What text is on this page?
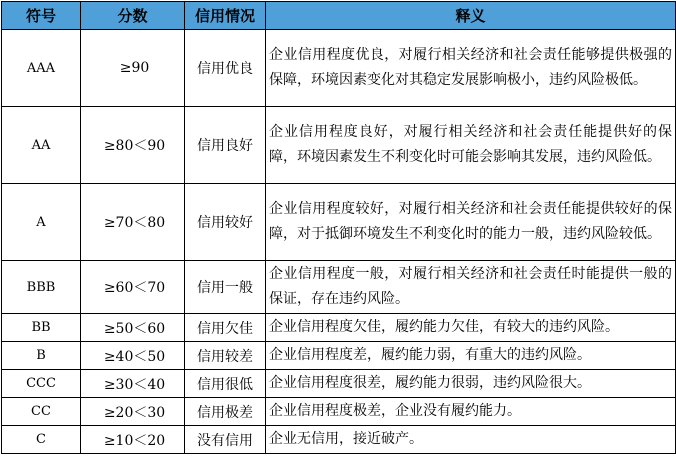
符号	分数	信用情况	释义
AAA	≥90	信用优良	企业信用程度优良，对履行相关经济和社会责任能够提供极强的保障，环境因素变化对其稳定发展影响极小，违约风险极低。
AA	≥80＜90	信用良好	企业信用程度良好，对履行相关经济和社会责任能提供好的保障，环境因素发生不利变化时可能会影响其发展，违约风险低。
A	≥70＜80	信用较好	企业信用程度较好，对履行相关经济和社会责任能提供较好的保障，对于抵御环境发生不利变化时的能力一般，违约风险较低。
BBB	≥60＜70	信用一般	企业信用程度一般，对履行相关经济和社会责任时能提供一般的保证，存在违约风险。
BB	≥50＜60	信用欠佳	企业信用程度欠佳，履约能力欠佳，有较大的违约风险。
B	≥40＜50	信用较差	企业信用程度差，履约能力弱，有重大的违约风险。
CCC	≥30＜40	信用很低	企业信用程度很差，履约能力很弱，违约风险很大。
CC	≥20＜30	信用极差	企业信用程度极差，企业没有履约能力。
C	≥10＜20	没有信用	企业无信用，接近破产。
